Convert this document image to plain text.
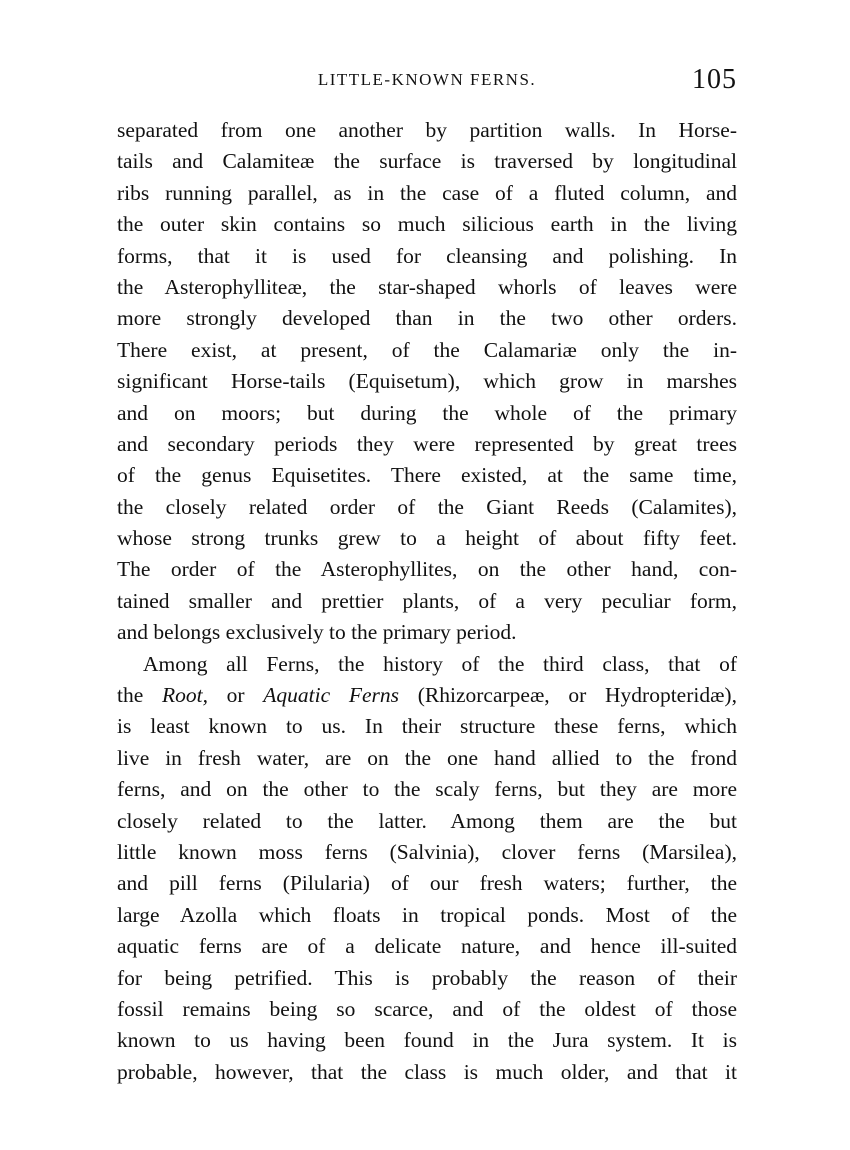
LITTLE-KNOWN FERNS.	105
separated from one another by partition walls. In Horse-
tails and Calamiteæ the surface is traversed by longitudinal
ribs running parallel, as in the case of a fluted column, and
the outer skin contains so much silicious earth in the living
forms, that it is used for cleansing and polishing. In
the Asterophylliteæ, the star-shaped whorls of leaves were
more strongly developed than in the two other orders.
There exist, at present, of the Calamariæ only the in-
significant Horse-tails (Equisetum), which grow in marshes
and on moors; but during the whole of the primary
and secondary periods they were represented by great trees
of the genus Equisetites. There existed, at the same time,
the closely related order of the Giant Reeds (Calamites),
whose strong trunks grew to a height of about fifty feet.
The order of the Asterophyllites, on the other hand, con-
tained smaller and prettier plants, of a very peculiar form,
and belongs exclusively to the primary period.
Among all Ferns, the history of the third class, that of
the Root, or Aquatic Ferns (Rhizorcarpeæ, or Hydropteridæ),
is least known to us. In their structure these ferns, which
live in fresh water, are on the one hand allied to the frond
ferns, and on the other to the scaly ferns, but they are more
closely related to the latter. Among them are the but
little known moss ferns (Salvinia), clover ferns (Marsilea),
and pill ferns (Pilularia) of our fresh waters; further, the
large Azolla which floats in tropical ponds. Most of the
aquatic ferns are of a delicate nature, and hence ill-suited
for being petrified. This is probably the reason of their
fossil remains being so scarce, and of the oldest of those
known to us having been found in the Jura system. It is
probable, however, that the class is much older, and that it
